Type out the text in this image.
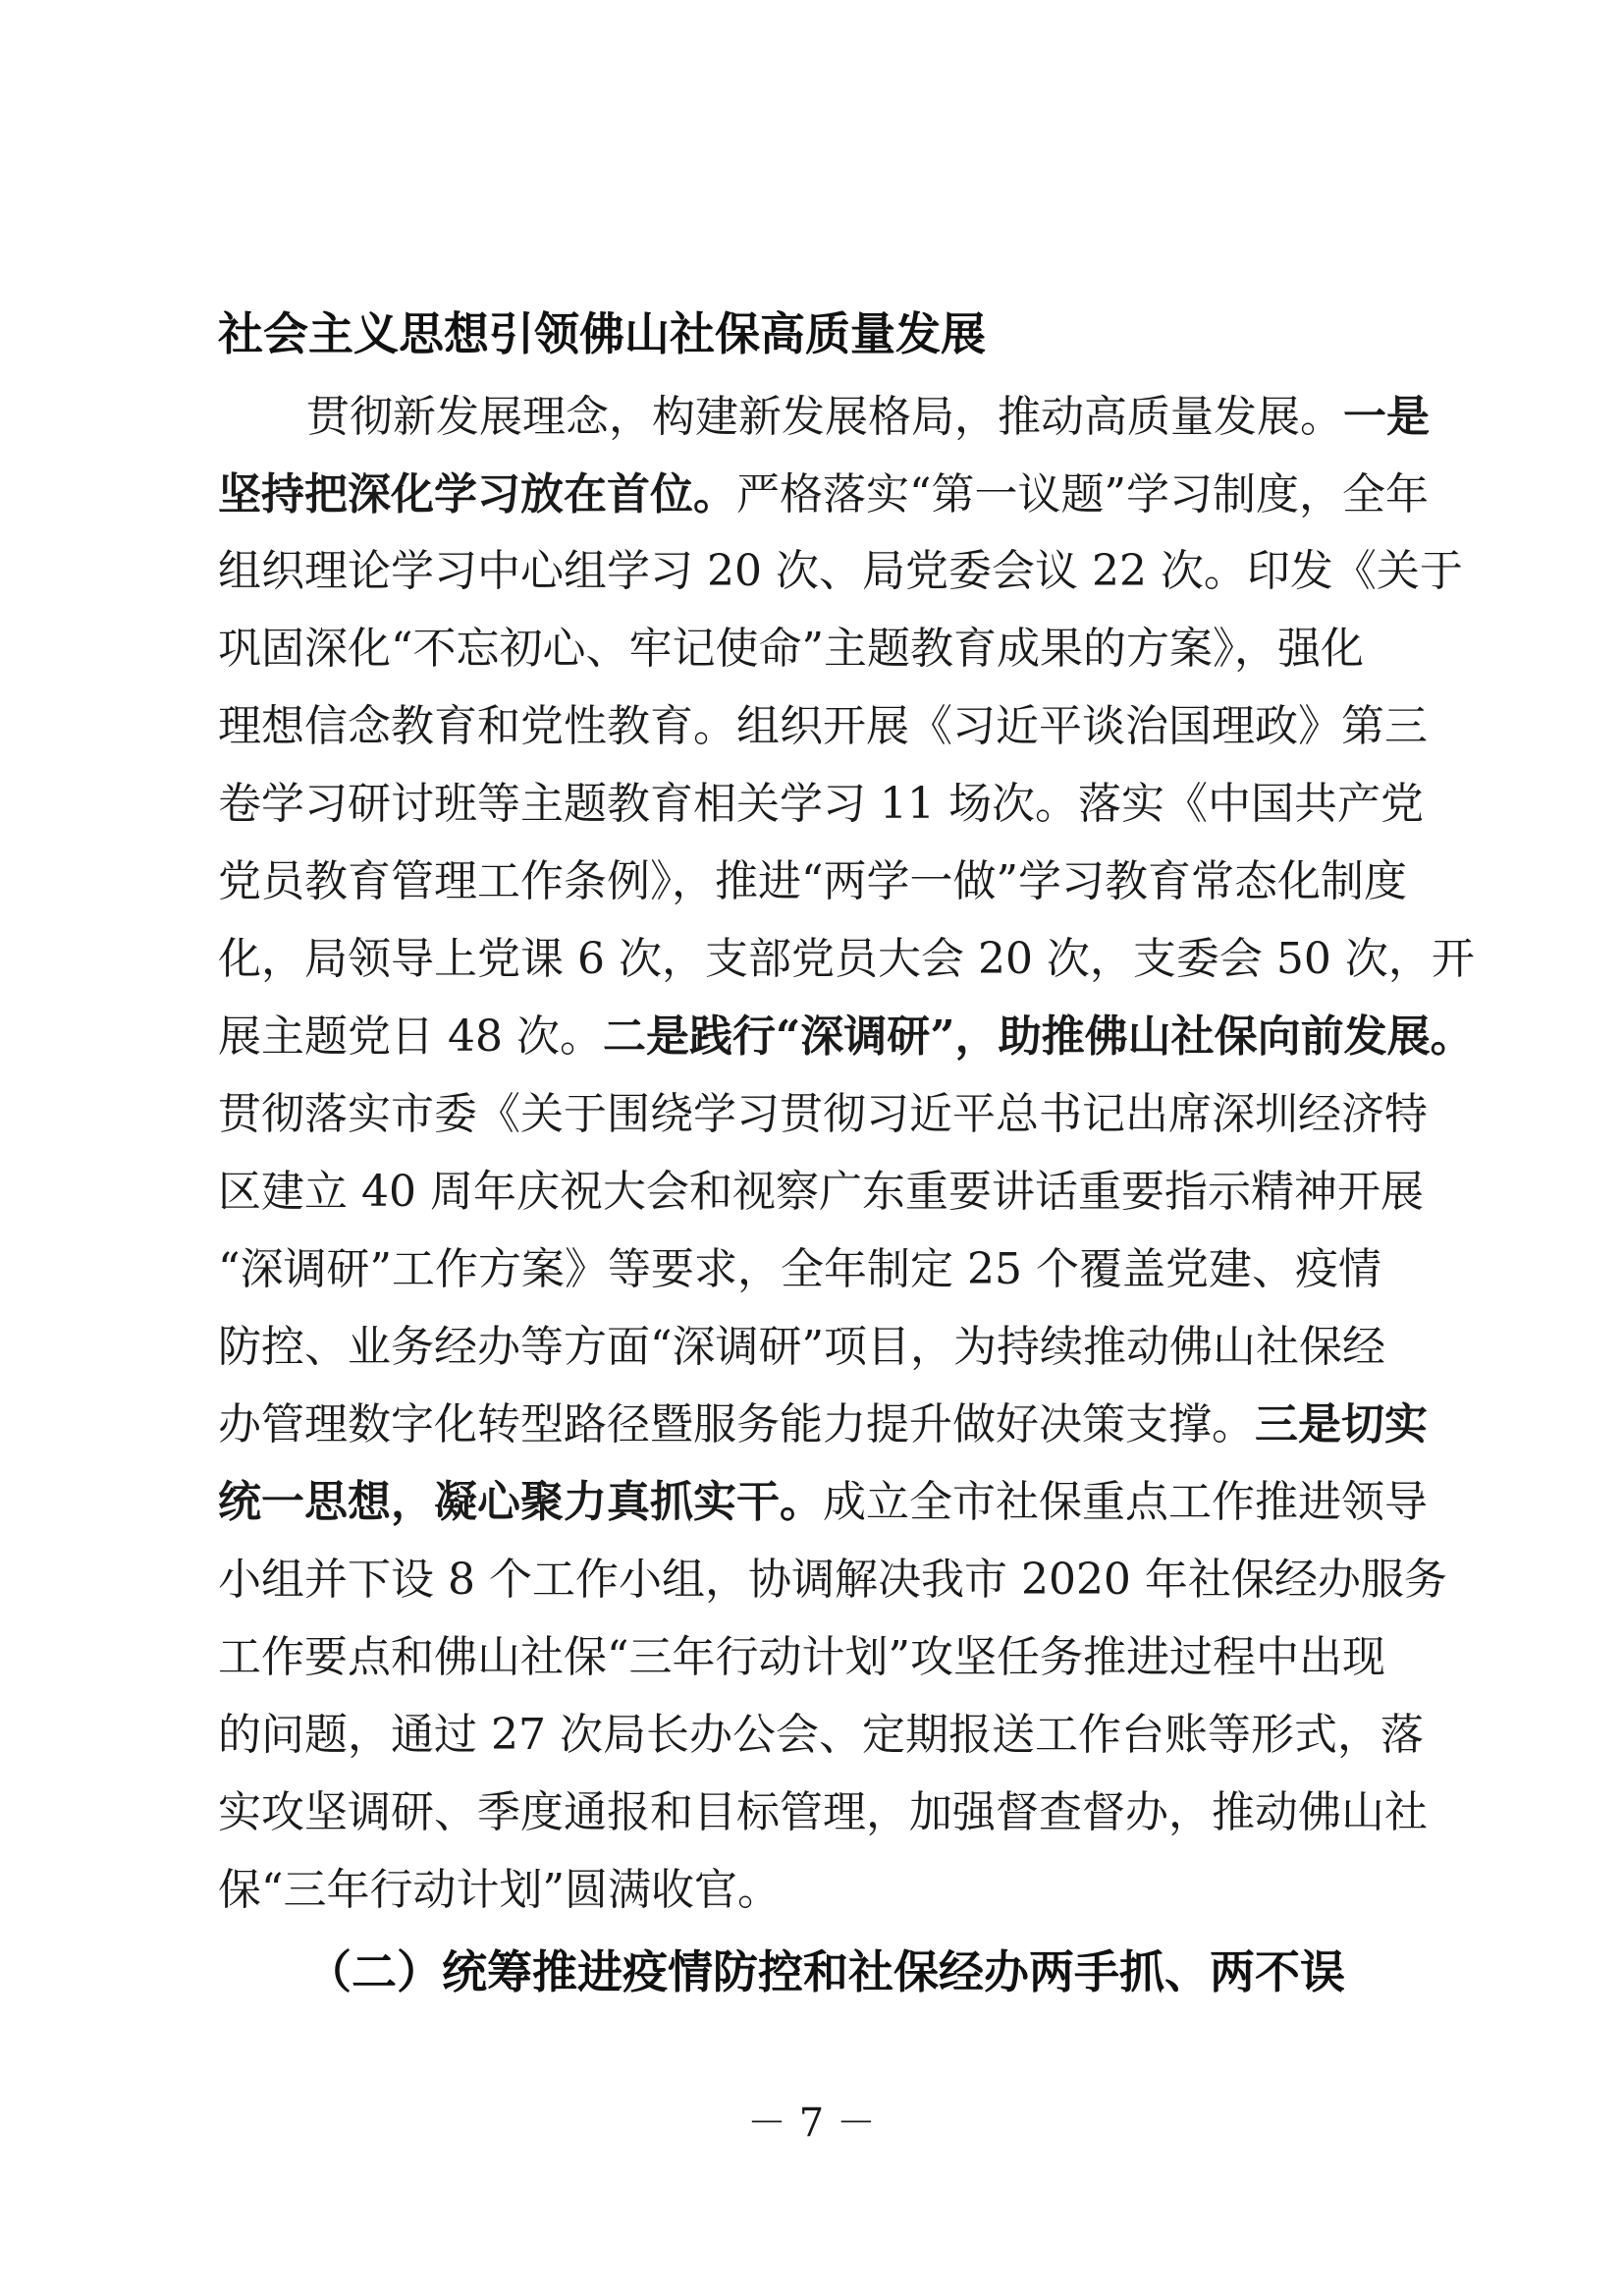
社会主义思想引领佛山社保高质量发展
贯彻新发展理念，构建新发展格局，推动高质量发展。一是
坚持把深化学习放在首位。严格落实“第一议题”学习制度，全年
组织理论学习中心组学习 20 次、局党委会议 22 次。印发《关于
巩固深化“不忘初心、牢记使命”主题教育成果的方案》，强化
理想信念教育和党性教育。组织开展《习近平谈治国理政》第三
卷学习研讨班等主题教育相关学习 11 场次。落实《中国共产党
党员教育管理工作条例》，推进“两学一做”学习教育常态化制度
化，局领导上党课 6 次，支部党员大会 20 次，支委会 50 次，开
展主题党日 48 次。二是践行“深调研”，助推佛山社保向前发展。
贯彻落实市委《关于围绕学习贯彻习近平总书记出席深圳经济特
区建立 40 周年庆祝大会和视察广东重要讲话重要指示精神开展
“深调研”工作方案》等要求，全年制定 25 个覆盖党建、疫情
防控、业务经办等方面“深调研”项目，为持续推动佛山社保经
办管理数字化转型路径暨服务能力提升做好决策支撑。三是切实
统一思想，凝心聚力真抓实干。成立全市社保重点工作推进领导
小组并下设 8 个工作小组，协调解决我市 2020 年社保经办服务
工作要点和佛山社保“三年行动计划”攻坚任务推进过程中出现
的问题，通过 27 次局长办公会、定期报送工作台账等形式，落
实攻坚调研、季度通报和目标管理，加强督查督办，推动佛山社
保“三年行动计划”圆满收官。
（二）统筹推进疫情防控和社保经办两手抓、两不误
－ 7 －
